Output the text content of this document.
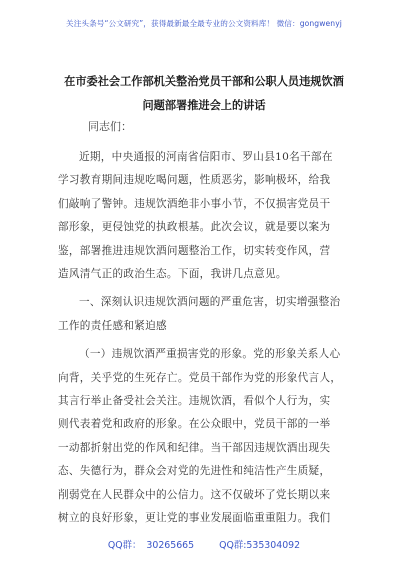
关注头条号“公文研究”，获得最新最全最专业的公文资料库！ 微信：gongwenyj
在市委社会工作部机关整治党员干部和公职人员违规饮酒
问题部署推进会上的讲话
同志们：
近期，中央通报的河南省信阳市、罗山县10名干部在
学习教育期间违规吃喝问题，性质恶劣，影响极坏，给我
们敲响了警钟。违规饮酒绝非小事小节，不仅损害党员干
部形象，更侵蚀党的执政根基。此次会议，就是要以案为
鉴，部署推进违规饮酒问题整治工作，切实转变作风，营
造风清气正的政治生态。下面，我讲几点意见。
一、深刻认识违规饮酒问题的严重危害，切实增强整治
工作的责任感和紧迫感
（一）违规饮酒严重损害党的形象。党的形象关系人心
向背，关乎党的生死存亡。党员干部作为党的形象代言人，
其言行举止备受社会关注。违规饮酒，看似个人行为，实
则代表着党和政府的形象。在公众眼中，党员干部的一举
一动都折射出党的作风和纪律。当干部因违规饮酒出现失
态、失德行为，群众会对党的先进性和纯洁性产生质疑，
削弱党在人民群众中的公信力。这不仅破坏了党长期以来
树立的良好形象，更让党的事业发展面临重重阻力。我们
QQ群： 30265665	QQ群:535304092
